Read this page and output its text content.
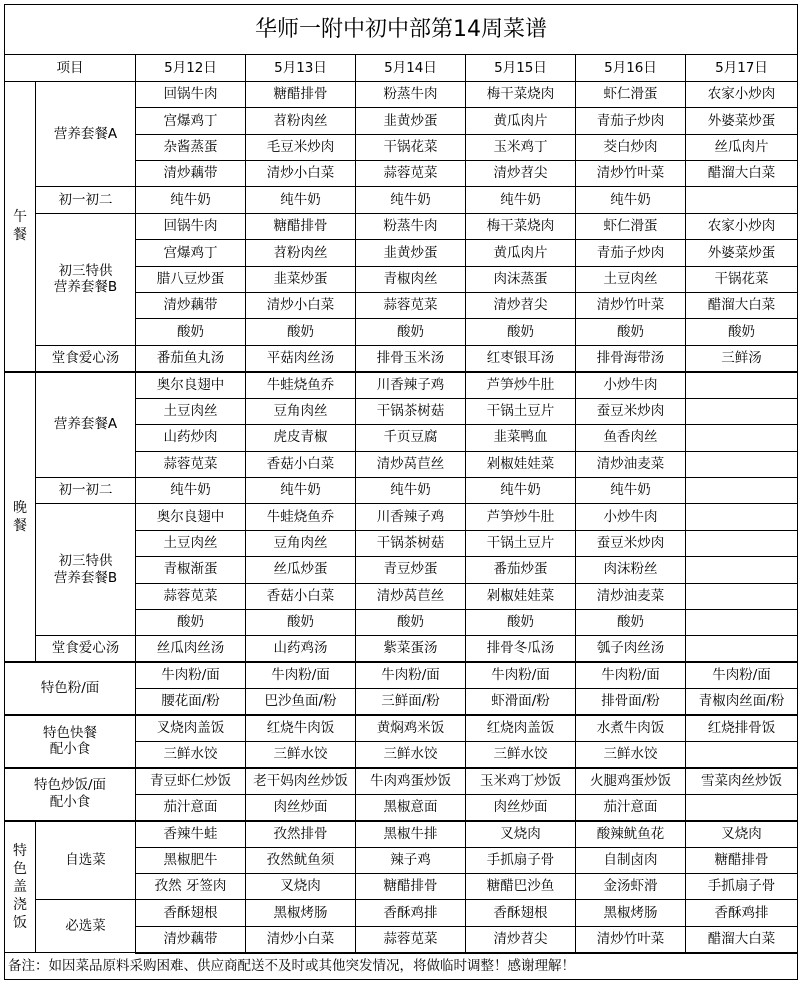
华师一附中初中部第14周菜谱							
项目		5月12日	5月13日	5月14日	5月15日	5月16日	5月17日

午
餐	营养套餐A	回锅牛肉	糖醋排骨	粉蒸牛肉	梅干菜烧肉	虾仁滑蛋	农家小炒肉
		宫爆鸡丁	苕粉肉丝	韭黄炒蛋	黄瓜肉片	青茄子炒肉	外婆菜炒蛋
		杂酱蒸蛋	毛豆米炒肉	干锅花菜	玉米鸡丁	茭白炒肉	丝瓜肉片
		清炒藕带	清炒小白菜	蒜蓉苋菜	清炒苕尖	清炒竹叶菜	醋溜大白菜
	初一初二	纯牛奶	纯牛奶	纯牛奶	纯牛奶	纯牛奶	

	初三特供
营养套餐B	回锅牛肉	糖醋排骨	粉蒸牛肉	梅干菜烧肉	虾仁滑蛋	农家小炒肉
		宫爆鸡丁	苕粉肉丝	韭黄炒蛋	黄瓜肉片	青茄子炒肉	外婆菜炒蛋
		腊八豆炒蛋	韭菜炒蛋	青椒肉丝	肉沫蒸蛋	土豆肉丝	干锅花菜
		清炒藕带	清炒小白菜	蒜蓉苋菜	清炒苕尖	清炒竹叶菜	醋溜大白菜
		酸奶	酸奶	酸奶	酸奶	酸奶	酸奶
	堂食爱心汤	番茄鱼丸汤	平菇肉丝汤	排骨玉米汤	红枣银耳汤	排骨海带汤	三鲜汤

晚
餐	营养套餐A	奥尔良翅中	牛蛙烧鱼乔	川香辣子鸡	芦笋炒牛肚	小炒牛肉	
		土豆肉丝	豆角肉丝	干锅茶树菇	干锅土豆片	蚕豆米炒肉	
		山药炒肉	虎皮青椒	千页豆腐	韭菜鸭血	鱼香肉丝	
		蒜蓉苋菜	香菇小白菜	清炒莴苣丝	剁椒娃娃菜	清炒油麦菜	
	初一初二	纯牛奶	纯牛奶	纯牛奶	纯牛奶	纯牛奶	

	初三特供
营养套餐B	奥尔良翅中	牛蛙烧鱼乔	川香辣子鸡	芦笋炒牛肚	小炒牛肉	
		土豆肉丝	豆角肉丝	干锅茶树菇	干锅土豆片	蚕豆米炒肉	
		青椒渐蛋	丝瓜炒蛋	青豆炒蛋	番茄炒蛋	肉沫粉丝	
		蒜蓉苋菜	香菇小白菜	清炒莴苣丝	剁椒娃娃菜	清炒油麦菜	
		酸奶	酸奶	酸奶	酸奶	酸奶	
	堂食爱心汤	丝瓜肉丝汤	山药鸡汤	紫菜蛋汤	排骨冬瓜汤	瓠子肉丝汤	
特色粉/面		牛肉粉/面	牛肉粉/面	牛肉粉/面	牛肉粉/面	牛肉粉/面	牛肉粉/面
		腰花面/粉	巴沙鱼面/粉	三鲜面/粉	虾滑面/粉	排骨面/粉	青椒肉丝面/粉

特色快餐
配小食		叉烧肉盖饭	红烧牛肉饭	黄焖鸡米饭	红烧肉盖饭	水煮牛肉饭	红烧排骨饭
		三鲜水饺	三鲜水饺	三鲜水饺	三鲜水饺	三鲜水饺	

特色炒饭/面
配小食		青豆虾仁炒饭	老干妈肉丝炒饭	牛肉鸡蛋炒饭	玉米鸡丁炒饭	火腿鸡蛋炒饭	雪菜肉丝炒饭
		茄汁意面	肉丝炒面	黑椒意面	肉丝炒面	茄汁意面	

特
色
盖
浇
饭	自选菜	香辣牛蛙	孜然排骨	黑椒牛排	叉烧肉	酸辣鱿鱼花	叉烧肉
		黑椒肥牛	孜然鱿鱼须	辣子鸡	手抓扇子骨	自制卤肉	糖醋排骨
		孜然 牙签肉	叉烧肉	糖醋排骨	糖醋巴沙鱼	金汤虾滑	手抓扇子骨
	必选菜	香酥翅根	黑椒烤肠	香酥鸡排	香酥翅根	黑椒烤肠	香酥鸡排
		清炒藕带	清炒小白菜	蒜蓉苋菜	清炒苕尖	清炒竹叶菜	醋溜大白菜
备注：如因菜品原料采购困难、供应商配送不及时或其他突发情况，将做临时调整！感谢理解！							
